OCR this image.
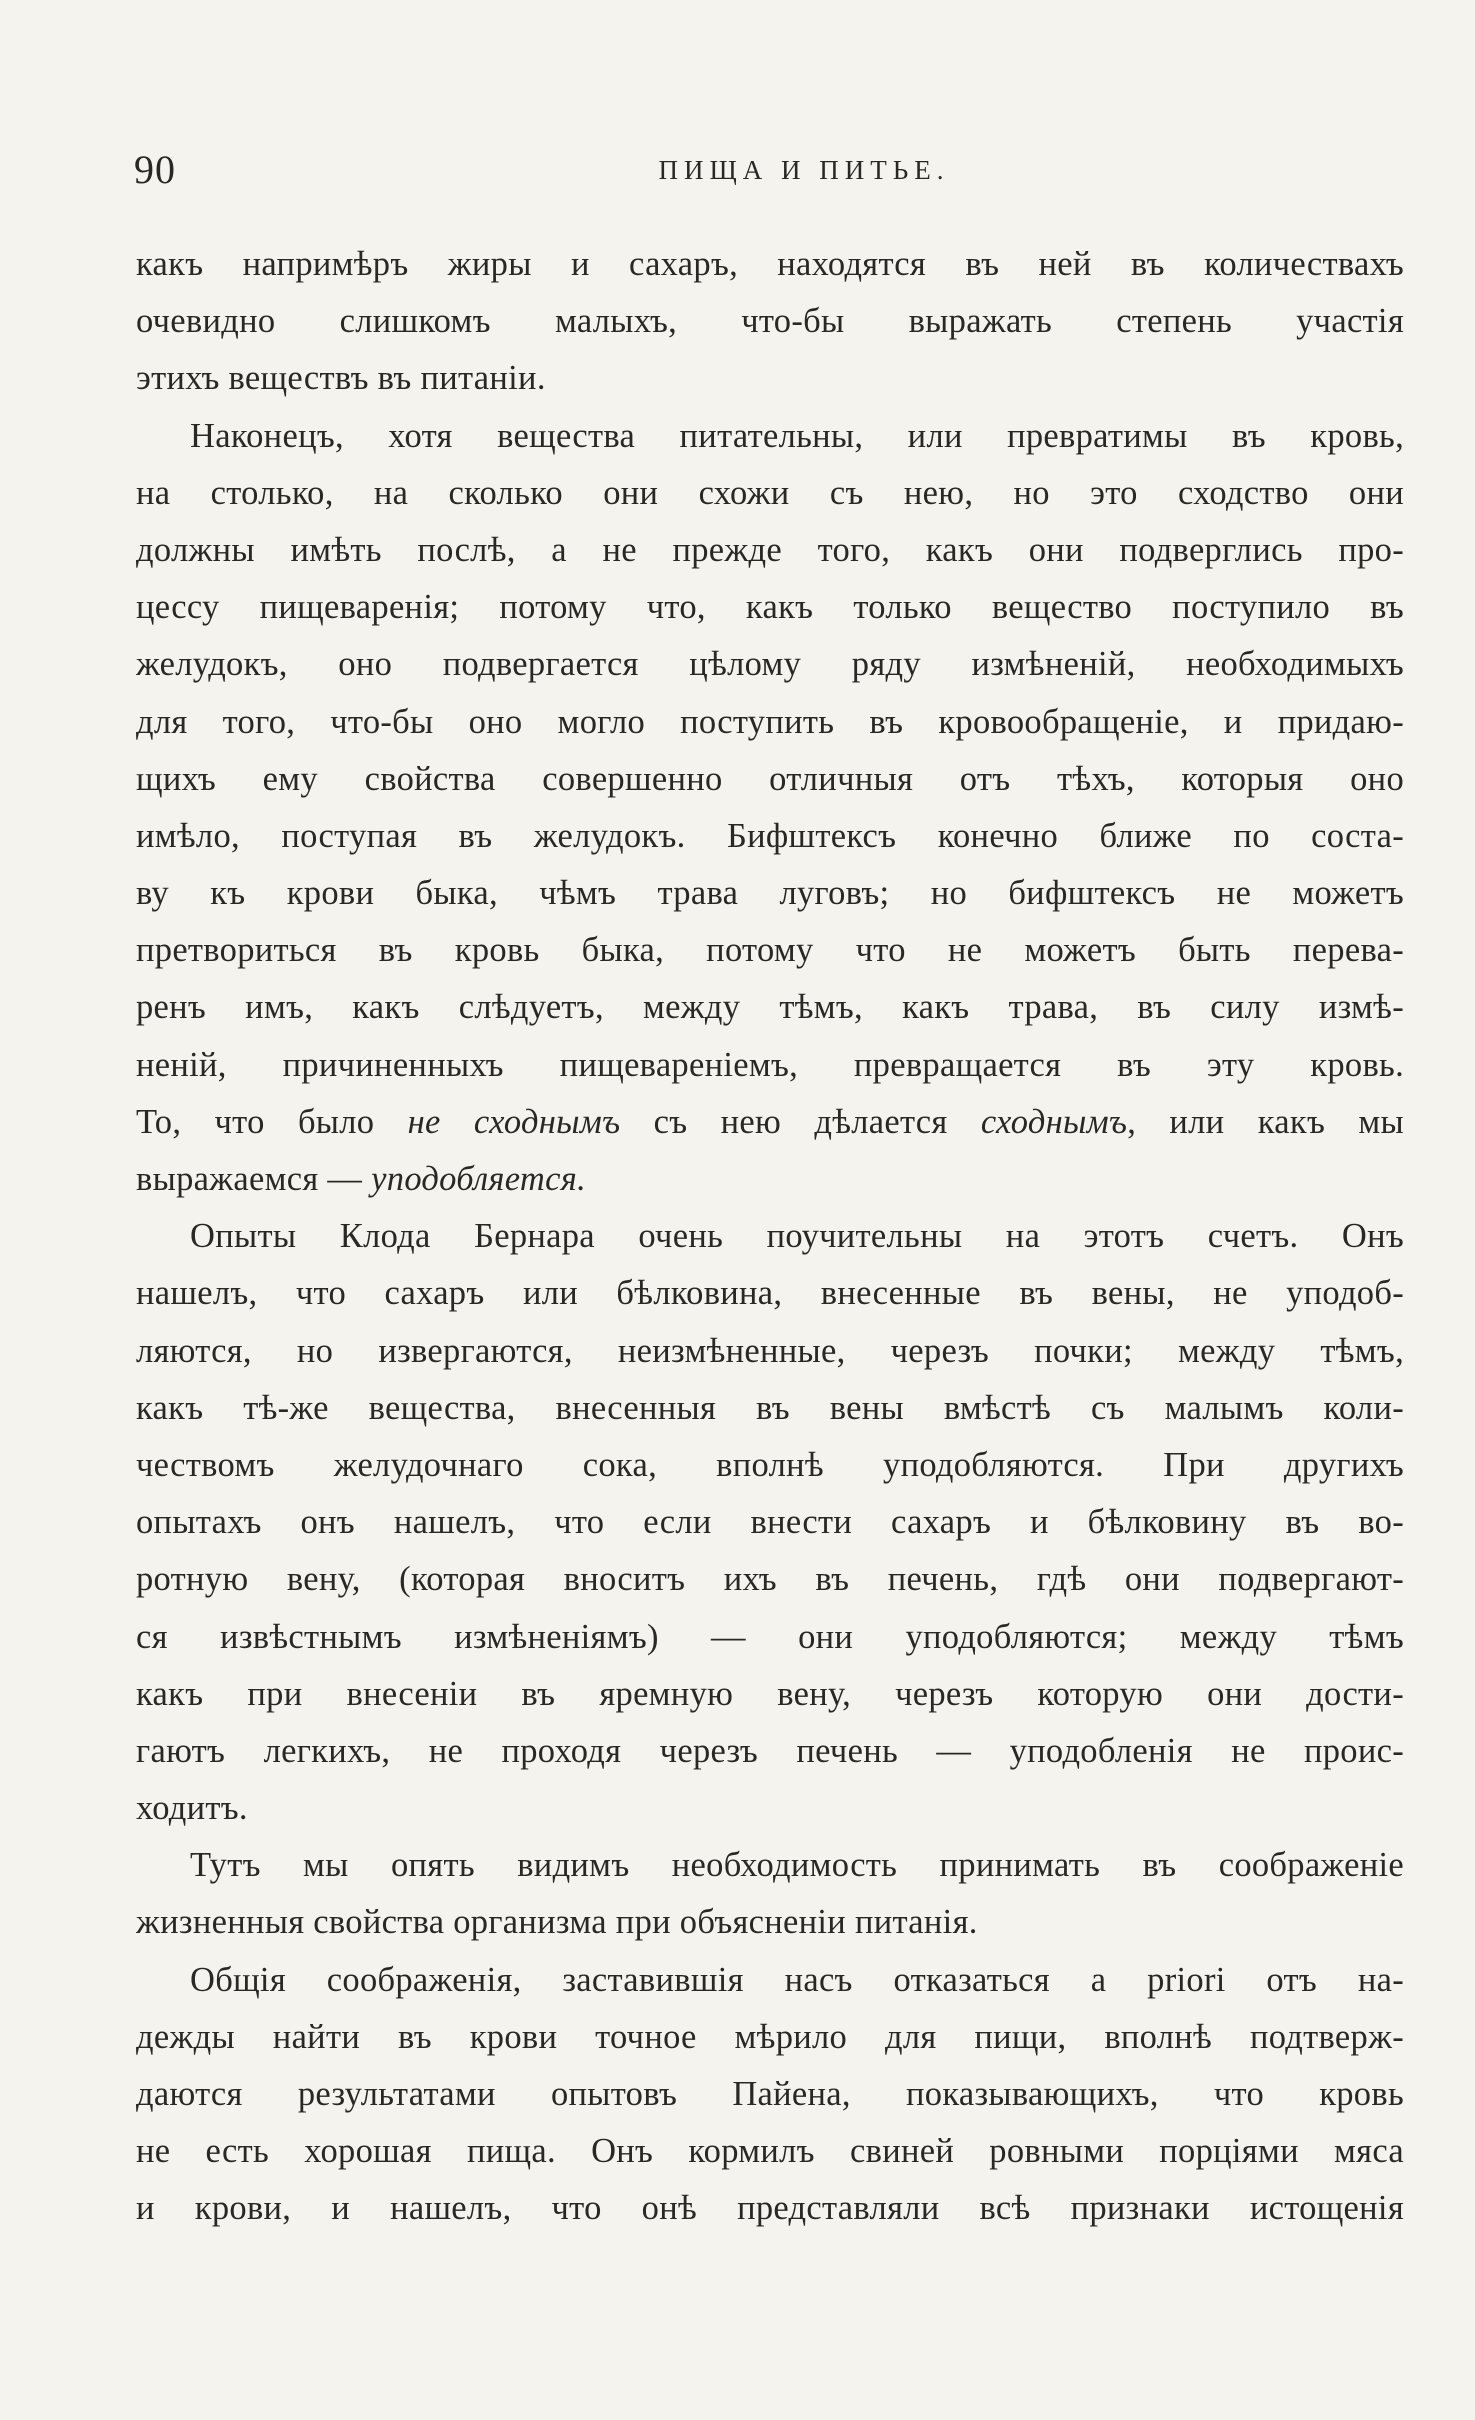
90	ПИЩА И ПИТЬЕ.
какъ напримѣръ жиры и сахаръ, находятся въ ней въ количествахъ
очевидно слишкомъ малыхъ, что-бы выражать степень участія
этихъ веществъ въ питаніи.
Наконецъ, хотя вещества питательны, или превратимы въ кровь,
на столько, на сколько они схожи съ нею, но это сходство они
должны имѣть послѣ, а не прежде того, какъ они подверглись про-
цессу пищеваренія; потому что, какъ только вещество поступило въ
желудокъ, оно подвергается цѣлому ряду измѣненій, необходимыхъ
для того, что-бы оно могло поступить въ кровообращеніе, и придаю-
щихъ ему свойства совершенно отличныя отъ тѣхъ, которыя оно
имѣло, поступая въ желудокъ. Бифштексъ конечно ближе по соста-
ву къ крови быка, чѣмъ трава луговъ; но бифштексъ не можетъ
претвориться въ кровь быка, потому что не можетъ быть перева-
ренъ имъ, какъ слѣдуетъ, между тѣмъ, какъ трава, въ силу измѣ-
неній, причиненныхъ пищевареніемъ, превращается въ эту кровь.
То, что было не сходнымъ съ нею дѣлается сходнымъ, или какъ мы
выражаемся — уподобляется.
Опыты Клода Бернара очень поучительны на этотъ счетъ. Онъ
нашелъ, что сахаръ или бѣлковина, внесенные въ вены, не уподоб-
ляются, но извергаются, неизмѣненные, черезъ почки; между тѣмъ,
какъ тѣ-же вещества, внесенныя въ вены вмѣстѣ съ малымъ коли-
чествомъ желудочнаго сока, вполнѣ уподобляются. При другихъ
опытахъ онъ нашелъ, что если внести сахаръ и бѣлковину въ во-
ротную вену, (которая вноситъ ихъ въ печень, гдѣ они подвергают-
ся извѣстнымъ измѣненіямъ) — они уподобляются; между тѣмъ
какъ при внесеніи въ яремную вену, черезъ которую они дости-
гаютъ легкихъ, не проходя черезъ печень — уподобленія не проис-
ходитъ.
Тутъ мы опять видимъ необходимость принимать въ соображеніе
жизненныя свойства организма при объясненіи питанія.
Общія соображенія, заставившія насъ отказаться a priori отъ на-
дежды найти въ крови точное мѣрило для пищи, вполнѣ подтверж-
даются результатами опытовъ Пайена, показывающихъ, что кровь
не есть хорошая пища. Онъ кормилъ свиней ровными порціями мяса
и крови, и нашелъ, что онѣ представляли всѣ признаки истощенія
